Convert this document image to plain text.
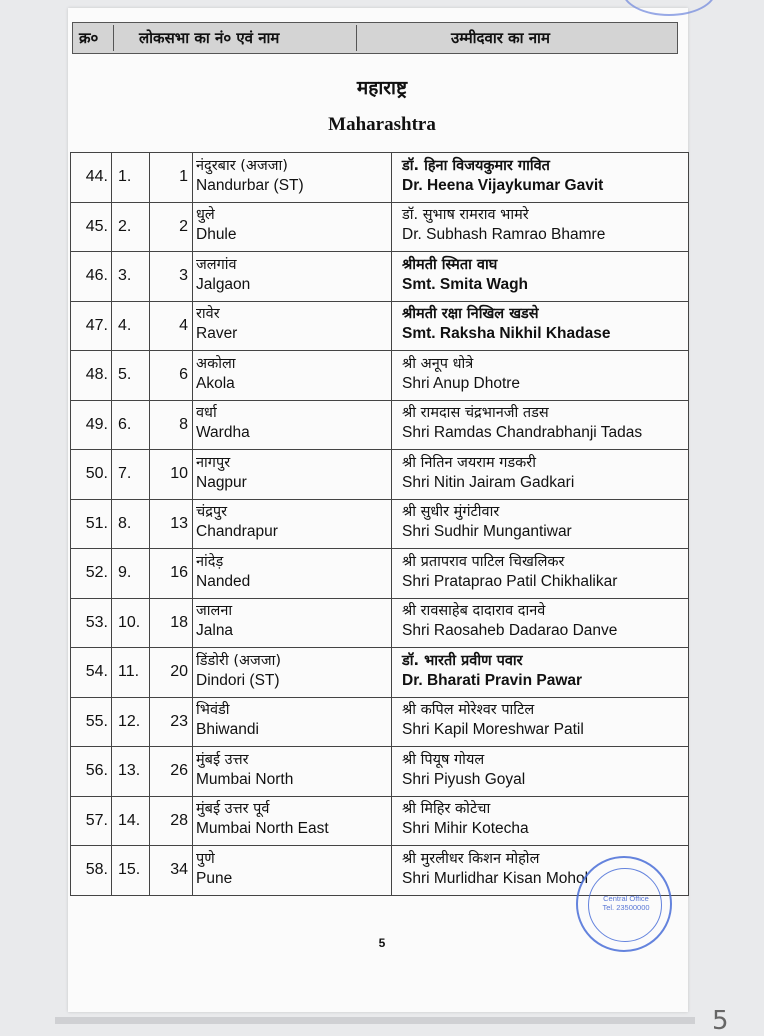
क्र०	लोकसभा का नं० एवं नाम	उम्मीदवार का नाम
महाराष्ट्र
Maharashtra
44.	1.	1	नंदुरबार (अजजा)
Nandurbar (ST)	डॉ. हिना विजयकुमार गावित
Dr. Heena Vijaykumar Gavit

45.	2.	2	धुले
Dhule	डॉ. सुभाष रामराव भामरे
Dr. Subhash Ramrao Bhamre

46.	3.	3	जलगांव
Jalgaon	श्रीमती स्मिता वाघ
Smt. Smita Wagh

47.	4.	4	रावेर
Raver	श्रीमती रक्षा निखिल खडसे
Smt. Raksha Nikhil Khadase

48.	5.	6	अकोला
Akola	श्री अनूप धोत्रे
Shri Anup Dhotre

49.	6.	8	वर्धा
Wardha	श्री रामदास चंद्रभानजी तडस
Shri Ramdas Chandrabhanji Tadas

50.	7.	10	नागपुर
Nagpur	श्री नितिन जयराम गडकरी
Shri Nitin Jairam Gadkari

51.	8.	13	चंद्रपुर
Chandrapur	श्री सुधीर मुंगंटीवार
Shri Sudhir Mungantiwar

52.	9.	16	नांदेड़
Nanded	श्री प्रतापराव पाटिल चिखलिकर
Shri Prataprao Patil Chikhalikar

53.	10.	18	जालना
Jalna	श्री रावसाहेब दादाराव दानवे
Shri Raosaheb Dadarao Danve

54.	11.	20	डिंडोरी (अजजा)
Dindori (ST)	डॉ. भारती प्रवीण पवार
Dr. Bharati Pravin Pawar

55.	12.	23	भिवंडी
Bhiwandi	श्री कपिल मोरेश्वर पाटिल
Shri Kapil Moreshwar Patil

56.	13.	26	मुंबई उत्तर
Mumbai North	श्री पियूष गोयल
Shri Piyush Goyal

57.	14.	28	मुंबई उत्तर पूर्व
Mumbai North East	श्री मिहिर कोटेचा
Shri Mihir Kotecha

58.	15.	34	पुणे
Pune	श्री मुरलीधर किशन मोहोल
Shri Murlidhar Kisan Mohol
5
Central Office
Tel. 23500000
5
